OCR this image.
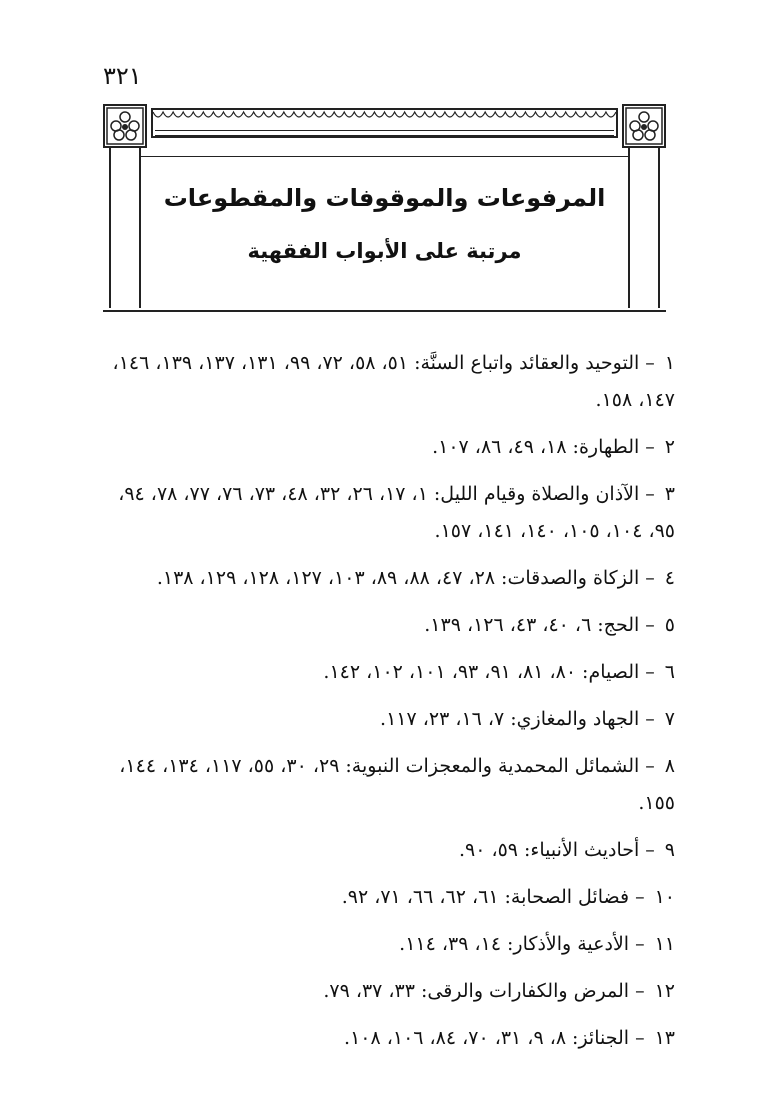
٣٢١
المرفوعات والموقوفات والمقطوعات
مرتبة على الأبواب الفقهية

١–التوحيد والعقائد واتباع السنَّة:٥١، ٥٨، ٧٢، ٩٩، ١٣١، ١٣٧، ١٣٩، ١٤٦، ١٤٧، ١٥٨.

٢–الطهارة:١٨، ٤٩، ٨٦، ١٠٧.

٣–الآذان والصلاة وقيام الليل:١، ١٧، ٢٦، ٣٢، ٤٨، ٧٣، ٧٦، ٧٧، ٧٨، ٩٤، ٩٥، ١٠٤، ١٠٥، ١٤٠، ١٤١، ١٥٧.

٤–الزكاة والصدقات:٢٨، ٤٧، ٨٨، ٨٩، ١٠٣، ١٢٧، ١٢٨، ١٢٩، ١٣٨.

٥–الحج:٦، ٤٠، ٤٣، ١٢٦، ١٣٩.

٦–الصيام:٨٠، ٨١، ٩١، ٩٣، ١٠١، ١٠٢، ١٤٢.

٧–الجهاد والمغازي:٧، ١٦، ٢٣، ١١٧.

٨–الشمائل المحمدية والمعجزات النبوية:٢٩، ٣٠، ٥٥، ١١٧، ١٣٤، ١٤٤، ١٥٥.

٩–أحاديث الأنبياء:٥٩، ٩٠.

١٠–فضائل الصحابة:٦١، ٦٢، ٦٦، ٧١، ٩٢.

١١–الأدعية والأذكار:١٤، ٣٩، ١١٤.

١٢–المرض والكفارات والرقى:٣٣، ٣٧، ٧٩.

١٣–الجنائز:٨، ٩، ٣١، ٧٠، ٨٤، ١٠٦، ١٠٨.
